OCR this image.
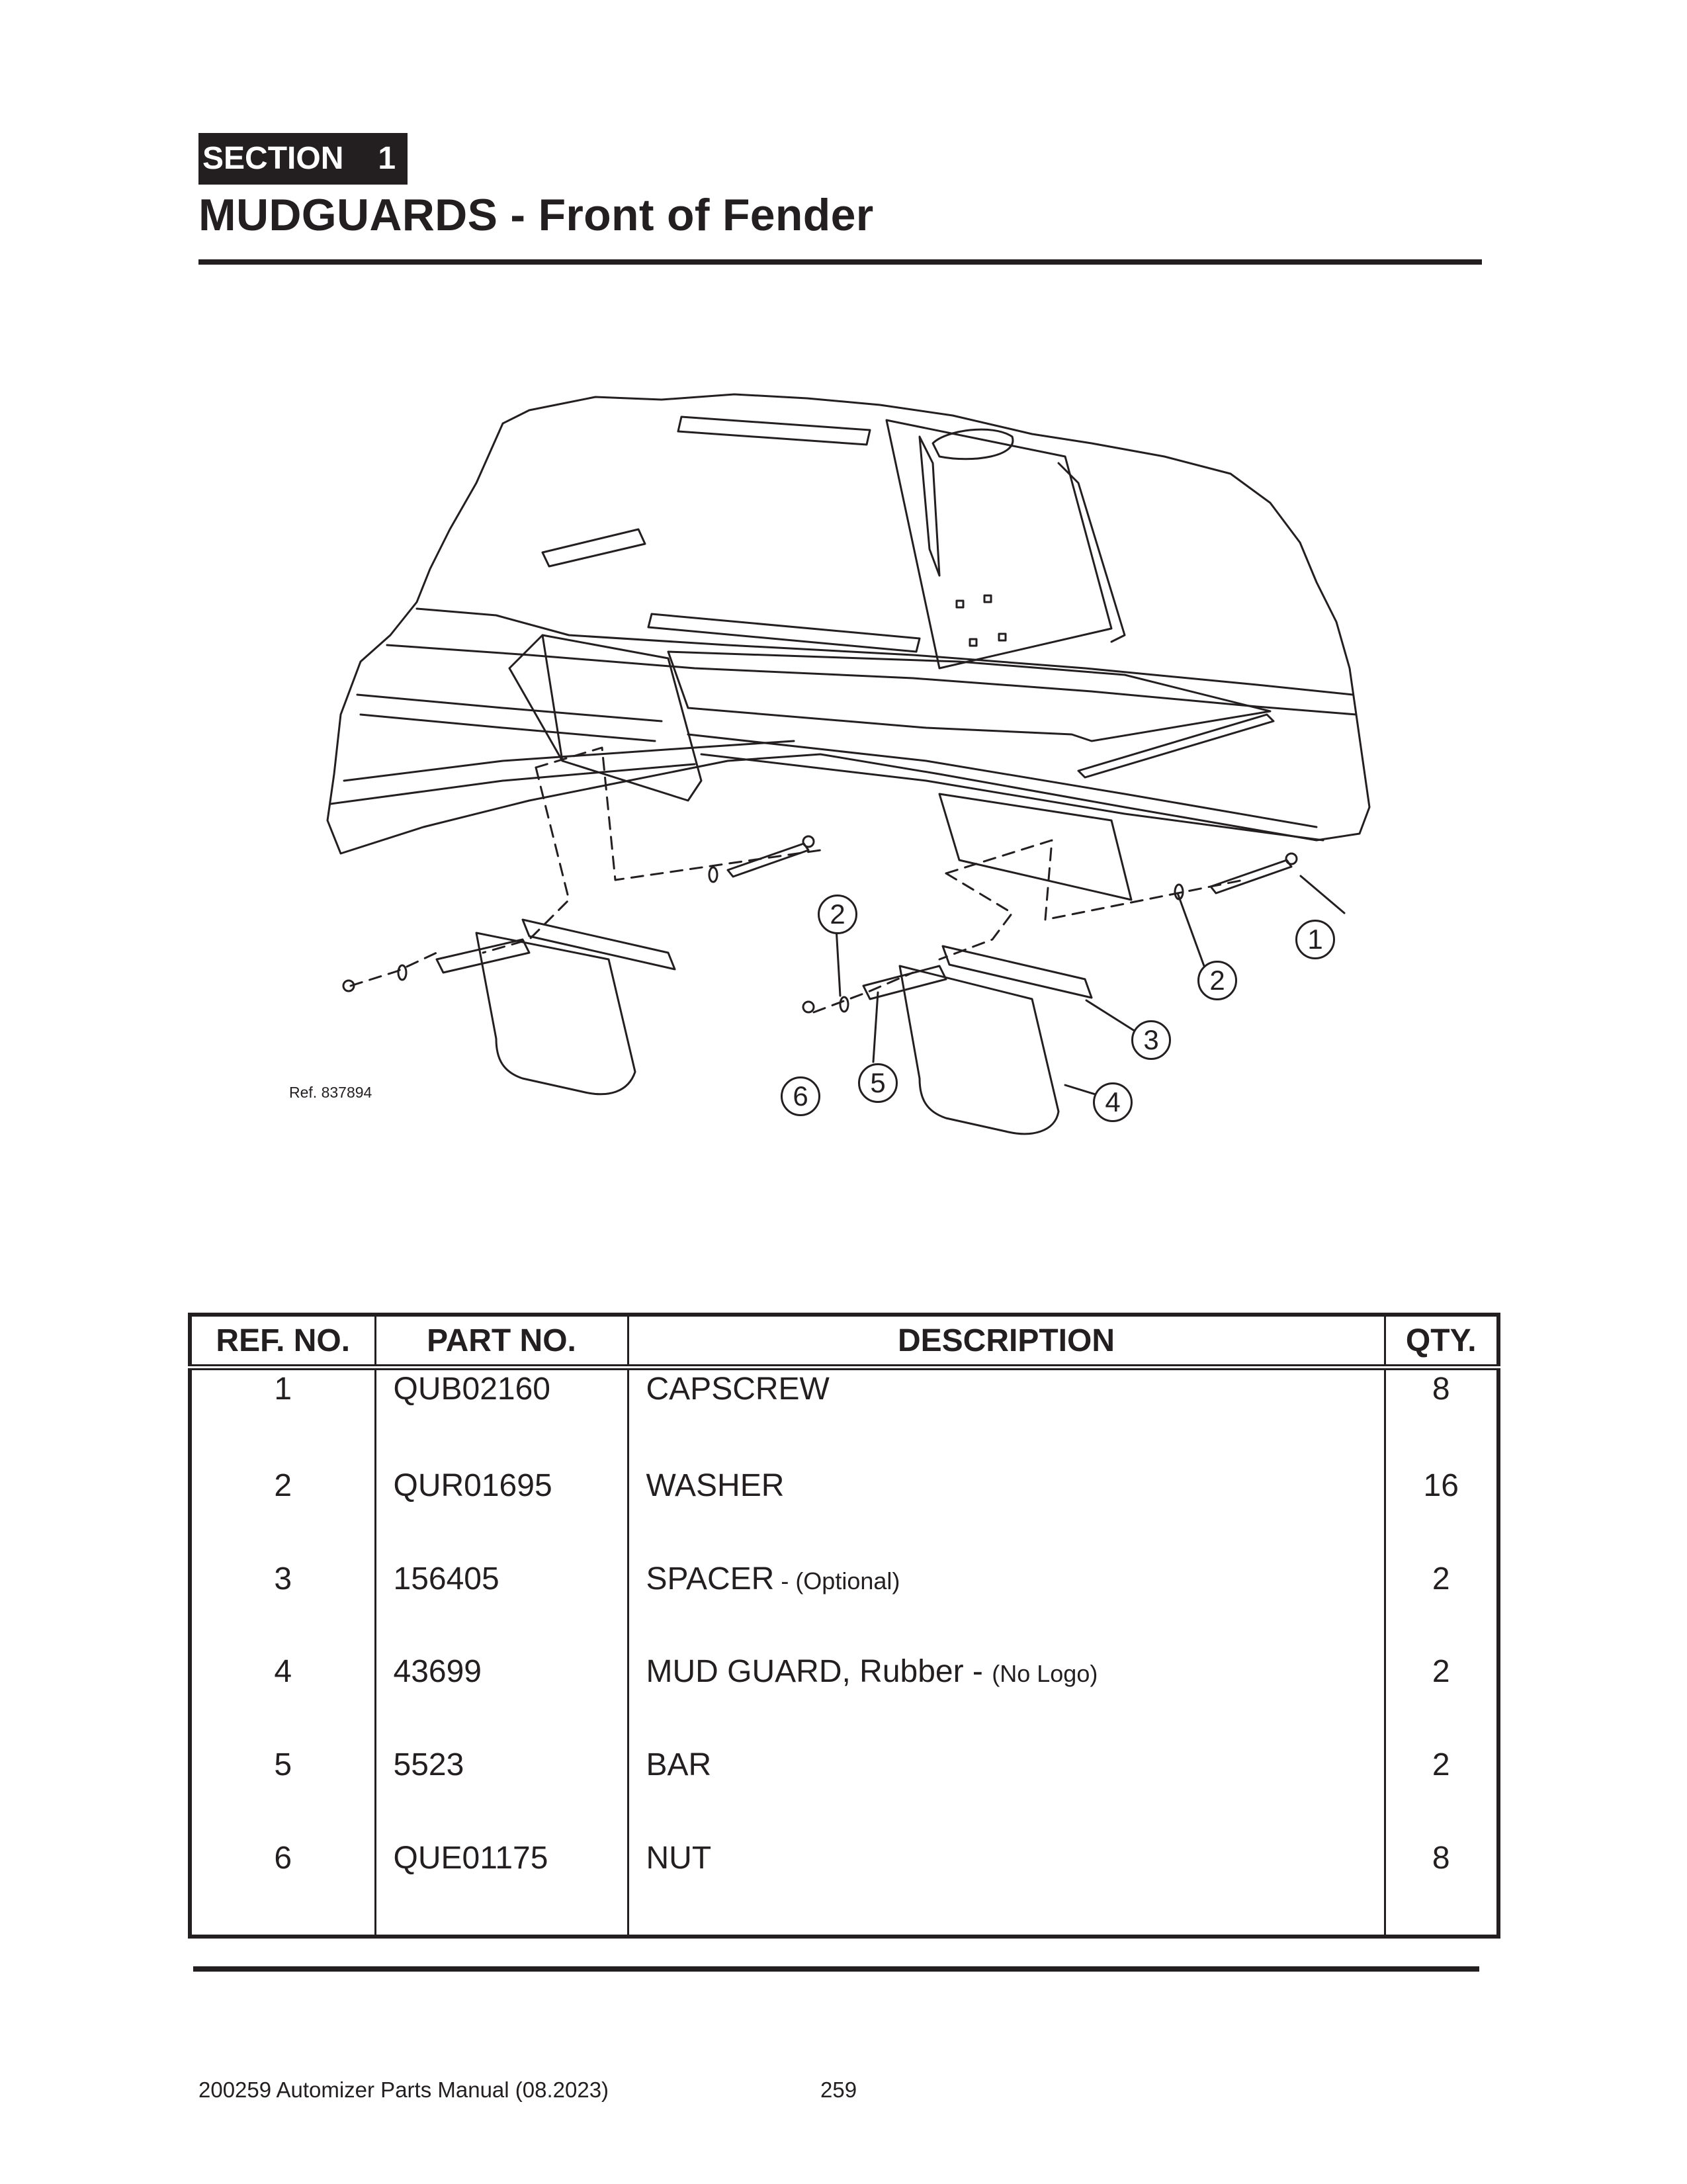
SECTION 1
MUDGUARDS - Front of Fender
Ref. 837894
2
1
2
3
4
5
6
REF. NO.	PART NO.	DESCRIPTION	QTY.
1	QUB02160	CAPSCREW	8
2	QUR01695	WASHER	16
3	156405	SPACER - (Optional)	2
4	43699	MUD GUARD, Rubber - (No Logo)	2
5	5523	BAR	2
6	QUE01175	NUT	8

200259 Automizer Parts Manual (08.2023)	259
